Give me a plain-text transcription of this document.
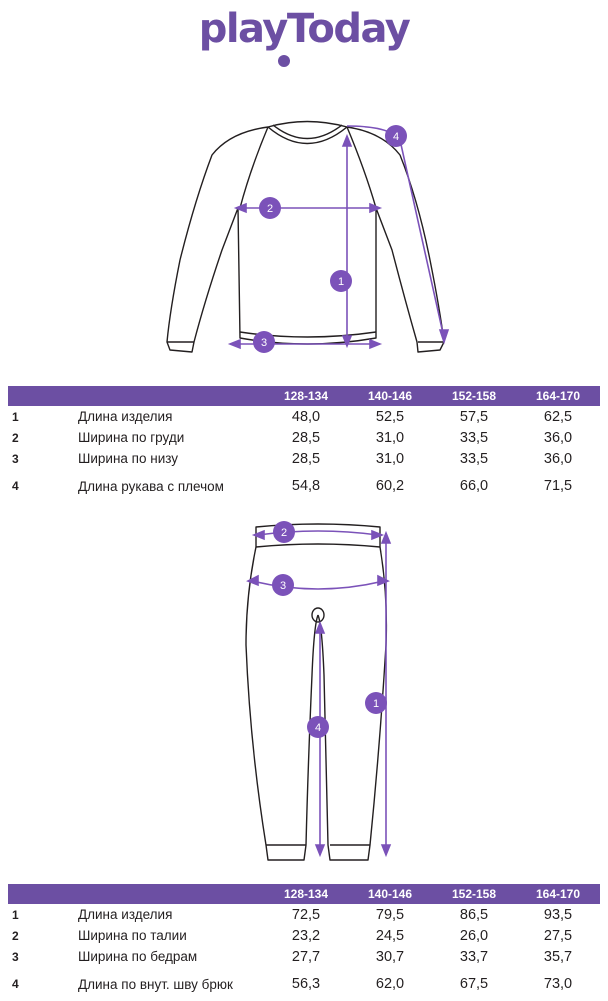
playToday
1
2
3
4
		128-134	140-146	152-158	164-170
1	Длина изделия	48,0	52,5	57,5	62,5
2	Ширина по груди	28,5	31,0	33,5	36,0
3	Ширина по низу	28,5	31,0	33,5	36,0
4	Длина рукава с плечом	54,8	60,2	66,0	71,5
1
2
3
4
		128-134	140-146	152-158	164-170
1	Длина изделия	72,5	79,5	86,5	93,5
2	Ширина по талии	23,2	24,5	26,0	27,5
3	Ширина по бедрам	27,7	30,7	33,7	35,7
4	Длина по внут. шву брюк	56,3	62,0	67,5	73,0
